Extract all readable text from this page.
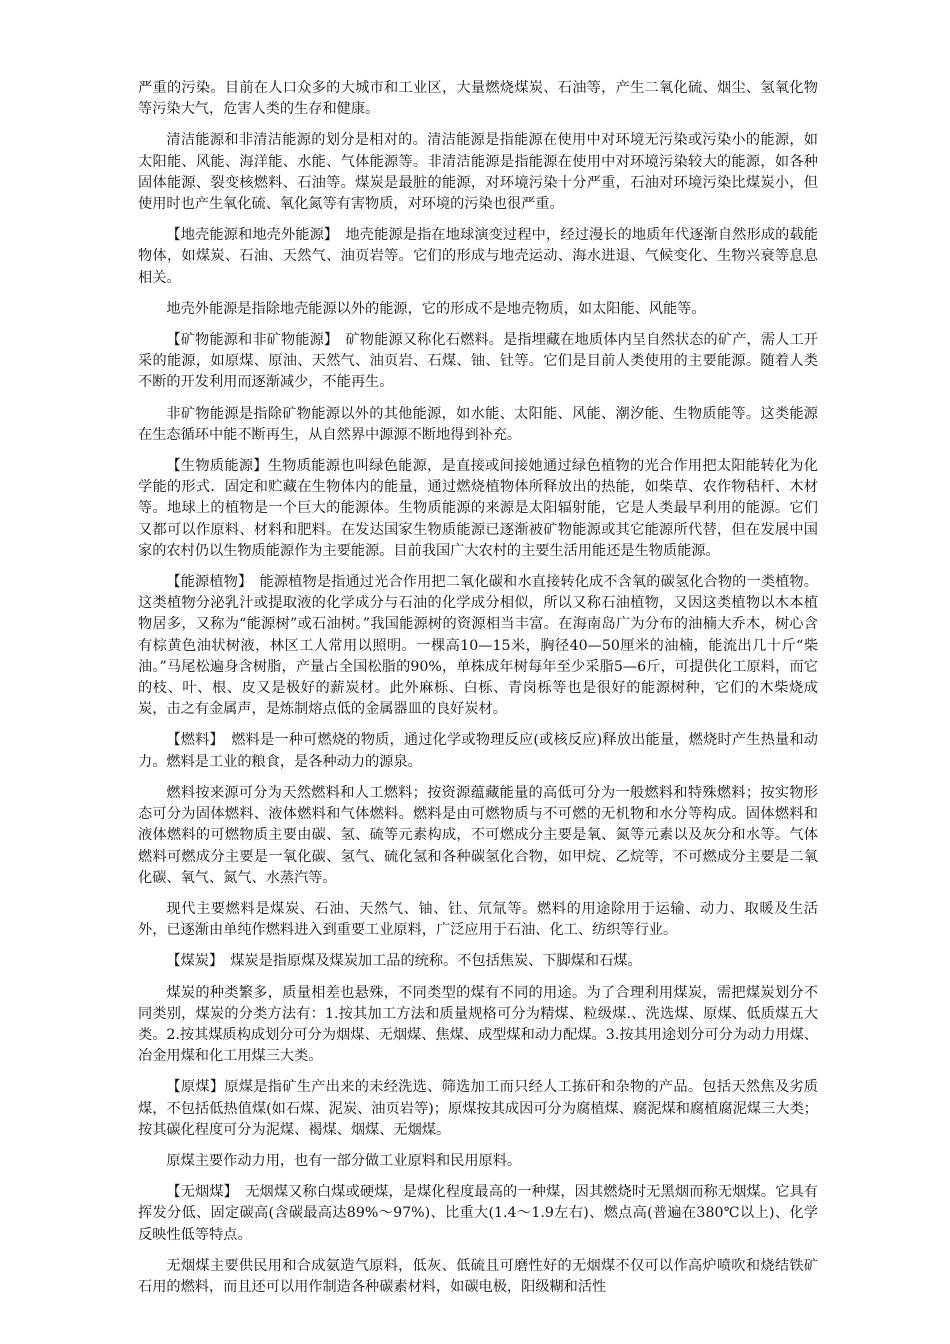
严重的污染。目前在人口众多的大城市和工业区，大量燃烧煤炭、石油等，产生二氧化硫、烟尘、氢氧化物等污染大气，危害人类的生存和健康。

清洁能源和非清洁能源的划分是相对的。清洁能源是指能源在使用中对环境无污染或污染小的能源，如太阳能、风能、海洋能、水能、气体能源等。非清洁能源是指能源在使用中对环境污染较大的能源，如各种固体能源、裂变核燃料、石油等。煤炭是最脏的能源，对环境污染十分严重，石油对环境污染比煤炭小，但使用时也产生氧化硫、氧化氮等有害物质，对环境的污染也很严重。

【地壳能源和地壳外能源】　地壳能源是指在地球演变过程中，经过漫长的地质年代逐渐自然形成的载能物体，如煤炭、石油、天然气、油页岩等。它们的形成与地壳运动、海水进退、气候变化、生物兴衰等息息相关。

地壳外能源是指除地壳能源以外的能源，它的形成不是地壳物质，如太阳能、风能等。

【矿物能源和非矿物能源】　矿物能源又称化石燃料。是指埋藏在地质体内呈自然状态的矿产，需人工开采的能源，如原煤、原油、天然气、油页岩、石煤、铀、钍等。它们是目前人类使用的主要能源。随着人类不断的开发利用而逐渐减少，不能再生。

非矿物能源是指除矿物能源以外的其他能源，如水能、太阳能、风能、潮汐能、生物质能等。这类能源在生态循环中能不断再生，从自然界中源源不断地得到补充。

【生物质能源】生物质能源也叫绿色能源，是直接或间接她通过绿色植物的光合作用把太阳能转化为化学能的形式．固定和贮藏在生物体内的能量，通过燃烧植物体所释放出的热能，如柴草、农作物秸杆、木材等。地球上的植物是一个巨大的能源体。生物质能源的来源是太阳辐射能，它是人类最早利用的能源。它们又都可以作原料、材料和肥料。在发达国家生物质能源已逐渐被矿物能源或其它能源所代替，但在发展中国家的农村仍以生物质能源作为主要能源。目前我国广大农村的主要生活用能还是生物质能源。

【能源植物】　能源植物是指通过光合作用把二氧化碳和水直接转化成不含氧的碳氢化合物的一类植物。这类植物分泌乳汁或提取液的化学成分与石油的化学成分相似，所以又称石油植物，又因这类植物以木本植物居多，又称为“能源树”或石油树。”我国能源树的资源相当丰富。在海南岛广为分布的油楠大乔木，树心含有棕黄色油状树液，林区工人常用以照明。一棵高10—15米，胸径40—50厘米的油楠，能流出几十斤“柴油。”马尾松遍身含树脂，产量占全国松脂的90%，单株成年树每年至少采脂5—6斤，可提供化工原料，而它的枝、叶、根、皮又是极好的薪炭材。此外麻栎、白栎、青岗栎等也是很好的能源树种，它们的木柴烧成炭，击之有金属声，是炼制熔点低的金属器皿的良好炭材。

【燃料】　燃料是一种可燃烧的物质，通过化学或物理反应(或核反应)释放出能量，燃烧时产生热量和动力。燃料是工业的粮食，是各种动力的源泉。

燃料按来源可分为天然燃料和人工燃料；按资源蕴藏能量的高低可分为一般燃料和特殊燃料；按实物形态可分为固体燃料、液体燃料和气体燃料。燃料是由可燃物质与不可燃的无机物和水分等构成。固体燃料和液体燃料的可燃物质主要由碳、氢、硫等元素构成，不可燃成分主要是氧、氮等元素以及灰分和水等。气体燃料可燃成分主要是一氧化碳、氢气、硫化氢和各种碳氢化合物，如甲烷、乙烷等，不可燃成分主要是二氧化碳、氧气、氮气、水蒸汽等。

现代主要燃料是煤炭、石油、天然气、铀、钍、氘氚等。燃料的用途除用于运输、动力、取暖及生活外，已逐渐由单纯作燃料进入到重要工业原料，广泛应用于石油、化工、纺织等行业。

【煤炭】　煤炭是指原煤及煤炭加工品的统称。不包括焦炭、下脚煤和石煤。

煤炭的种类繁多，质量相差也悬殊，不同类型的煤有不同的用途。为了合理利用煤炭，需把煤炭划分不同类别，煤炭的分类方法有：1.按其加工方法和质量规格可分为精煤、粒级煤.、洗选煤、原煤、低质煤五大类。2.按其煤质构成划分可分为烟煤、无烟煤、焦煤、成型煤和动力配煤。3.按其用途划分可分为动力用煤、冶金用煤和化工用煤三大类。

【原煤】原煤是指矿生产出来的未经洗选、筛选加工而只经人工拣矸和杂物的产品。包括天然焦及劣质煤，不包括低热值煤(如石煤、泥炭、油页岩等)；原煤按其成因可分为腐植煤、腐泥煤和腐植腐泥煤三大类；按其碳化程度可分为泥煤、褐煤、烟煤、无烟煤。

原煤主要作动力用，也有一部分做工业原料和民用原料。

【无烟煤】　无烟煤又称白煤或硬煤，是煤化程度最高的一种煤，因其燃烧时无黑烟而称无烟煤。它具有挥发分低、固定碳高(含碳最高达89%～97%)、比重大(1.4～1.9左右)、燃点高(普遍在380℃以上)、化学反映性低等特点。

无烟煤主要供民用和合成氨造气原料，低灰、低硫且可磨性好的无烟煤不仅可以作高炉喷吹和烧结铁矿石用的燃料，而且还可以用作制造各种碳素材料，如碳电极，阳级糊和活性
